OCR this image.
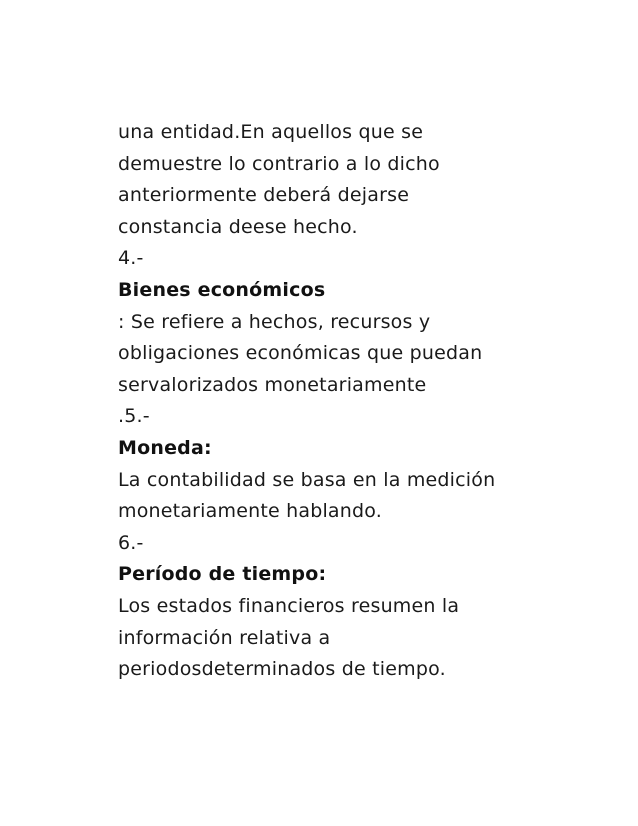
una entidad.En aquellos que se
demuestre lo contrario a lo dicho
anteriormente deberá dejarse
constancia deese hecho.
4.-
Bienes económicos
: Se refiere a hechos, recursos y
obligaciones económicas que puedan
servalorizados monetariamente
.5.-
Moneda:
La contabilidad se basa en la medición
monetariamente hablando.
6.-
Período de tiempo:
Los estados financieros resumen la
información relativa a
periodosdeterminados de tiempo.
